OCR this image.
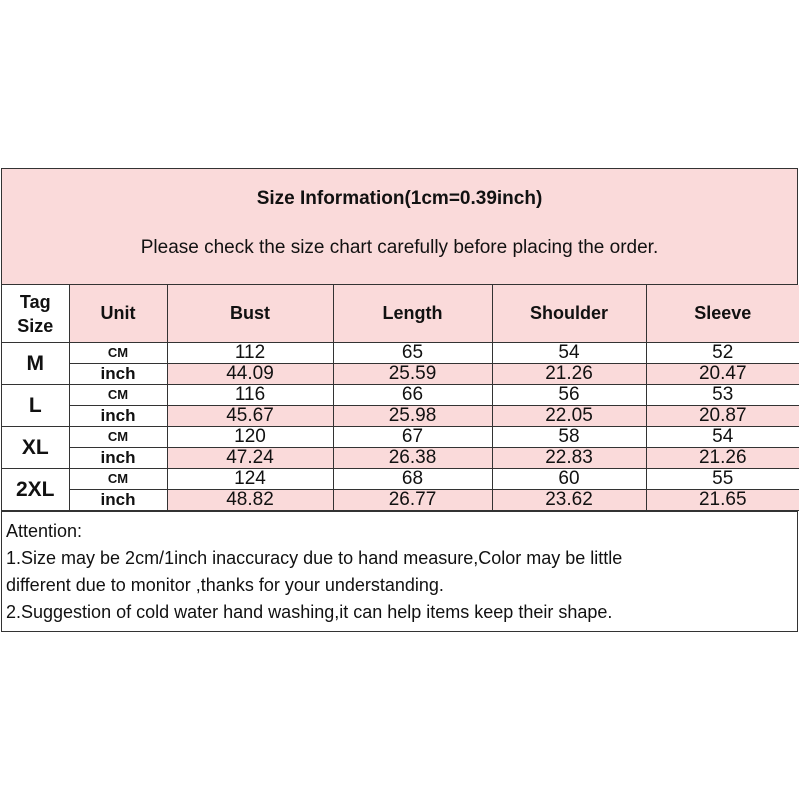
Size Information(1cm=0.39inch)
Please check the size chart carefully before placing the order.
Tag
Size	Unit	Bust	Length	Shoulder	Sleeve
M	CM	112	65	54	52
	inch	44.09	25.59	21.26	20.47
L	CM	116	66	56	53
	inch	45.67	25.98	22.05	20.87
XL	CM	120	67	58	54
	inch	47.24	26.38	22.83	21.26
2XL	CM	124	68	60	55
	inch	48.82	26.77	23.62	21.65
Attention:
1.Size may be 2cm/1inch inaccuracy due to hand measure,Color may be little
different due to monitor ,thanks for your understanding.
2.Suggestion of cold water hand washing,it can help items keep their shape.
